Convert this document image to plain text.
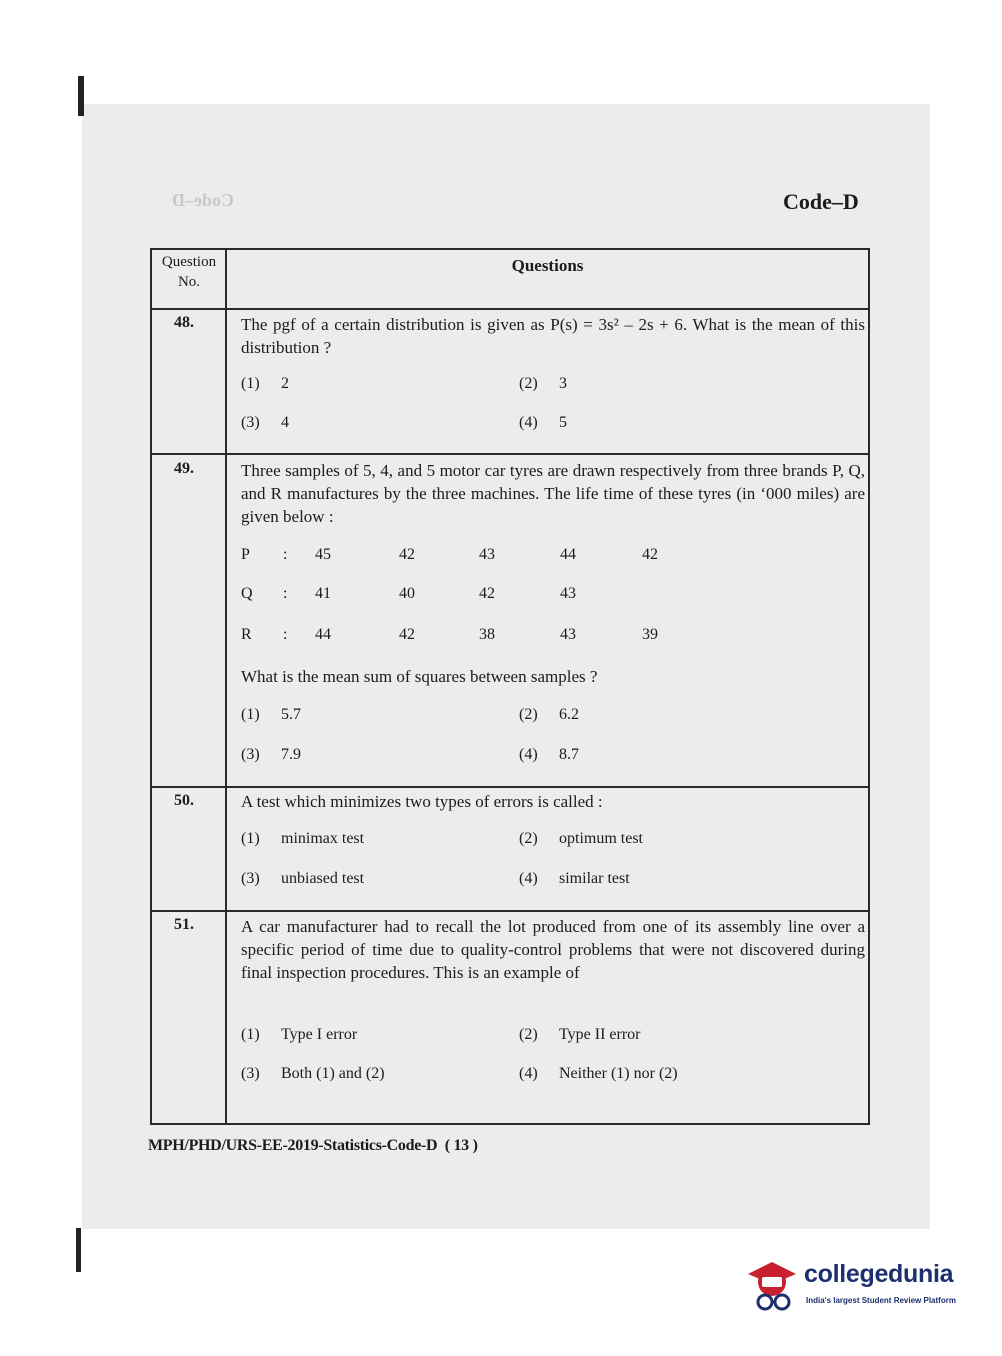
Code–D	Code–D
Question No.
Questions
48.	The pgf of a certain distribution is given as P(s) = 3s² – 2s + 6. What is the mean of this distribution ?
(1) 2	(2) 3
(3) 4	(4) 5
49.	Three samples of 5, 4, and 5 motor car tyres are drawn respectively from three brands P, Q, and R manufactures by the three machines. The life time of these tyres (in ‘000 miles) are given below :
P : 45	42	43	44	42
Q : 41	40	42	43
R : 44	42	38	43	39
What is the mean sum of squares between samples ?
(1) 5.7	(2) 6.2
(3) 7.9	(4) 8.7
50.	A test which minimizes two types of errors is called :
(1) minimax test	(2) optimum test
(3) unbiased test	(4) similar test
51.	A car manufacturer had to recall the lot produced from one of its assembly line over a specific period of time due to quality-control problems that were not discovered during final inspection procedures. This is an example of
(1) Type I error	(2) Type II error
(3) Both (1) and (2)	(4) Neither (1) nor (2)
MPH/PHD/URS-EE-2019-Statistics-Code-D ( 13 )
collegedunia
India's largest Student Review Platform
